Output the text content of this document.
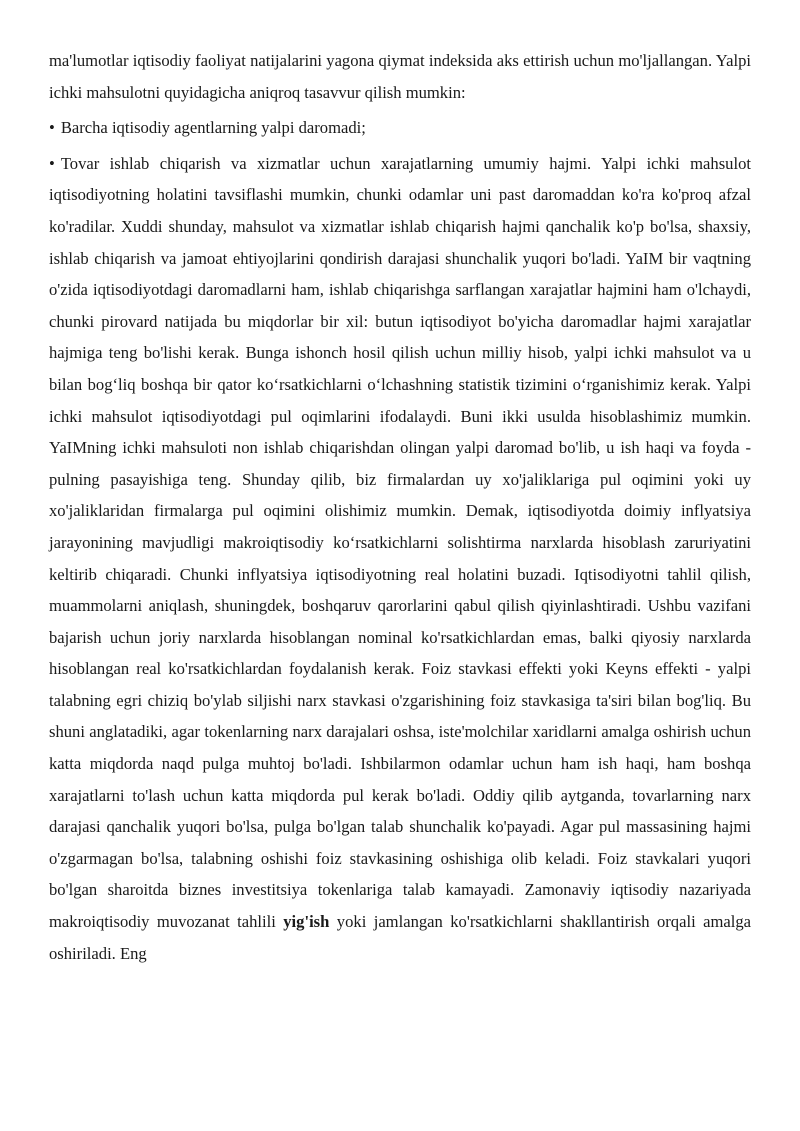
ma'lumotlar iqtisodiy faoliyat natijalarini yagona qiymat indeksida aks ettirish uchun mo'ljallangan. Yalpi ichki mahsulotni quyidagicha aniqroq tasavvur qilish mumkin:

• Barcha iqtisodiy agentlarning yalpi daromadi;

• Tovar ishlab chiqarish va xizmatlar uchun xarajatlarning umumiy hajmi. Yalpi ichki mahsulot iqtisodiyotning holatini tavsiflashi mumkin, chunki odamlar uni past daromaddan ko'ra ko'proq afzal ko'radilar. Xuddi shunday, mahsulot va xizmatlar ishlab chiqarish hajmi qanchalik ko'p bo'lsa, shaxsiy, ishlab chiqarish va jamoat ehtiyojlarini qondirish darajasi shunchalik yuqori bo'ladi. YaIM bir vaqtning o'zida iqtisodiyotdagi daromadlarni ham, ishlab chiqarishga sarflangan xarajatlar hajmini ham o'lchaydi, chunki pirovard natijada bu miqdorlar bir xil: butun iqtisodiyot bo'yicha daromadlar hajmi xarajatlar hajmiga teng bo'lishi kerak. Bunga ishonch hosil qilish uchun milliy hisob, yalpi ichki mahsulot va u bilan bog‘liq boshqa bir qator ko‘rsatkichlarni o‘lchashning statistik tizimini o‘rganishimiz kerak. Yalpi ichki mahsulot iqtisodiyotdagi pul oqimlarini ifodalaydi. Buni ikki usulda hisoblashimiz mumkin. YaIMning ichki mahsuloti non ishlab chiqarishdan olingan yalpi daromad bo'lib, u ish haqi va foyda - pulning pasayishiga teng. Shunday qilib, biz firmalardan uy xo'jaliklariga pul oqimini yoki uy xo'jaliklaridan firmalarga pul oqimini olishimiz mumkin. Demak, iqtisodiyotda doimiy inflyatsiya jarayonining mavjudligi makroiqtisodiy ko‘rsatkichlarni solishtirma narxlarda hisoblash zaruriyatini keltirib chiqaradi. Chunki inflyatsiya iqtisodiyotning real holatini buzadi. Iqtisodiyotni tahlil qilish, muammolarni aniqlash, shuningdek, boshqaruv qarorlarini qabul qilish qiyinlashtiradi. Ushbu vazifani bajarish uchun joriy narxlarda hisoblangan nominal ko'rsatkichlardan emas, balki qiyosiy narxlarda hisoblangan real ko'rsatkichlardan foydalanish kerak. Foiz stavkasi effekti yoki Keyns effekti - yalpi talabning egri chiziq bo'ylab siljishi narx stavkasi o'zgarishining foiz stavkasiga ta'siri bilan bog'liq. Bu shuni anglatadiki, agar tokenlarning narx darajalari oshsa, iste'molchilar xaridlarni amalga oshirish uchun katta miqdorda naqd pulga muhtoj bo'ladi. Ishbilarmon odamlar uchun ham ish haqi, ham boshqa xarajatlarni to'lash uchun katta miqdorda pul kerak bo'ladi. Oddiy qilib aytganda, tovarlarning narx darajasi qanchalik yuqori bo'lsa, pulga bo'lgan talab shunchalik ko'payadi. Agar pul massasining hajmi o'zgarmagan bo'lsa, talabning oshishi foiz stavkasining oshishiga olib keladi. Foiz stavkalari yuqori bo'lgan sharoitda biznes investitsiya tokenlariga talab kamayadi. Zamonaviy iqtisodiy nazariyada makroiqtisodiy muvozanat tahlili yig'ish yoki jamlangan ko'rsatkichlarni shakllantirish orqali amalga oshiriladi. Eng
